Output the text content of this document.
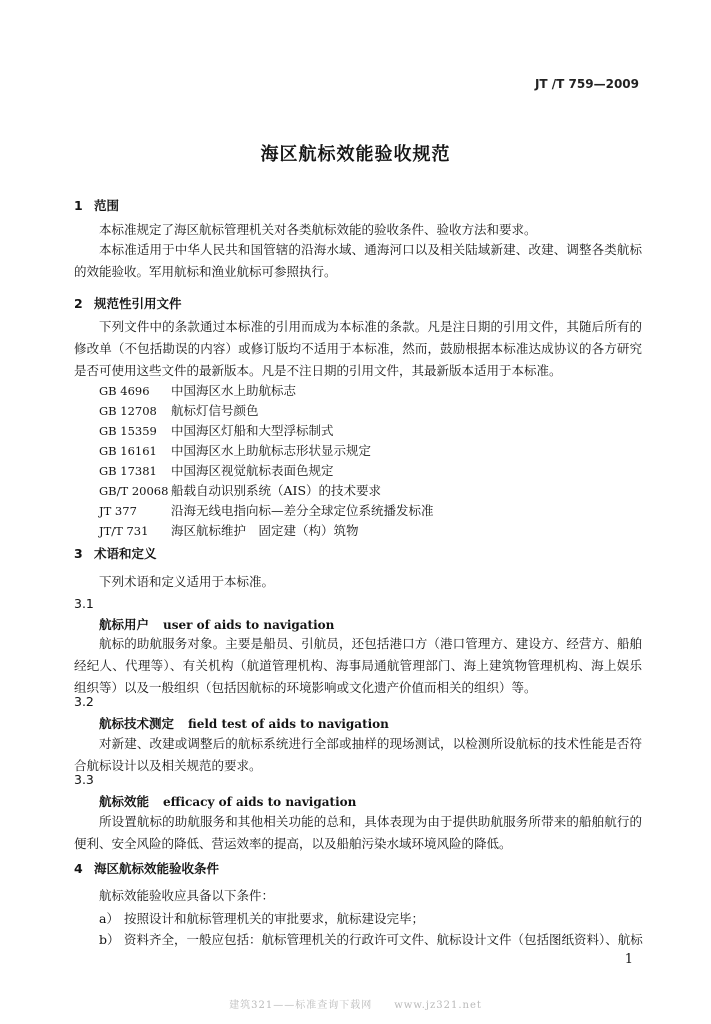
JT /T 759—2009
海区航标效能验收规范
1 范围
本标准规定了海区航标管理机关对各类航标效能的验收条件、验收方法和要求。
本标准适用于中华人民共和国管辖的沿海水域、通海河口以及相关陆域新建、改建、调整各类航标的效能验收。军用航标和渔业航标可参照执行。
2 规范性引用文件
下列文件中的条款通过本标准的引用而成为本标准的条款。凡是注日期的引用文件，其随后所有的修改单（不包括勘误的内容）或修订版均不适用于本标准，然而，鼓励根据本标准达成协议的各方研究是否可使用这些文件的最新版本。凡是不注日期的引用文件，其最新版本适用于本标准。
GB 4696 中国海区水上助航标志
GB 12708 航标灯信号颜色
GB 15359 中国海区灯船和大型浮标制式
GB 16161 中国海区水上助航标志形状显示规定
GB 17381 中国海区视觉航标表面色规定
GB/T 20068 船载自动识别系统（AIS）的技术要求
JT 377	沿海无线电指向标—差分全球定位系统播发标准
JT/T 731 海区航标维护　固定建（构）筑物
3 术语和定义
下列术语和定义适用于本标准。
3.1
航标用户 user of aids to navigation
航标的助航服务对象。主要是船员、引航员，还包括港口方（港口管理方、建设方、经营方、船舶经纪人、代理等）、有关机构（航道管理机构、海事局通航管理部门、海上建筑物管理机构、海上娱乐组织等）以及一般组织（包括因航标的环境影响或文化遗产价值而相关的组织）等。
3.2
航标技术测定 field test of aids to navigation
对新建、改建或调整后的航标系统进行全部或抽样的现场测试，以检测所设航标的技术性能是否符合航标设计以及相关规范的要求。
3.3
航标效能 efficacy of aids to navigation
所设置航标的助航服务和其他相关功能的总和，具体表现为由于提供助航服务所带来的船舶航行的便利、安全风险的降低、营运效率的提高，以及船舶污染水域环境风险的降低。
4 海区航标效能验收条件
航标效能验收应具备以下条件：
a） 按照设计和航标管理机关的审批要求，航标建设完毕；
b） 资料齐全，一般应包括：航标管理机关的行政许可文件、航标设计文件（包括图纸资料）、航标
1
建筑321——标准查询下载网　　www.jz321.net
